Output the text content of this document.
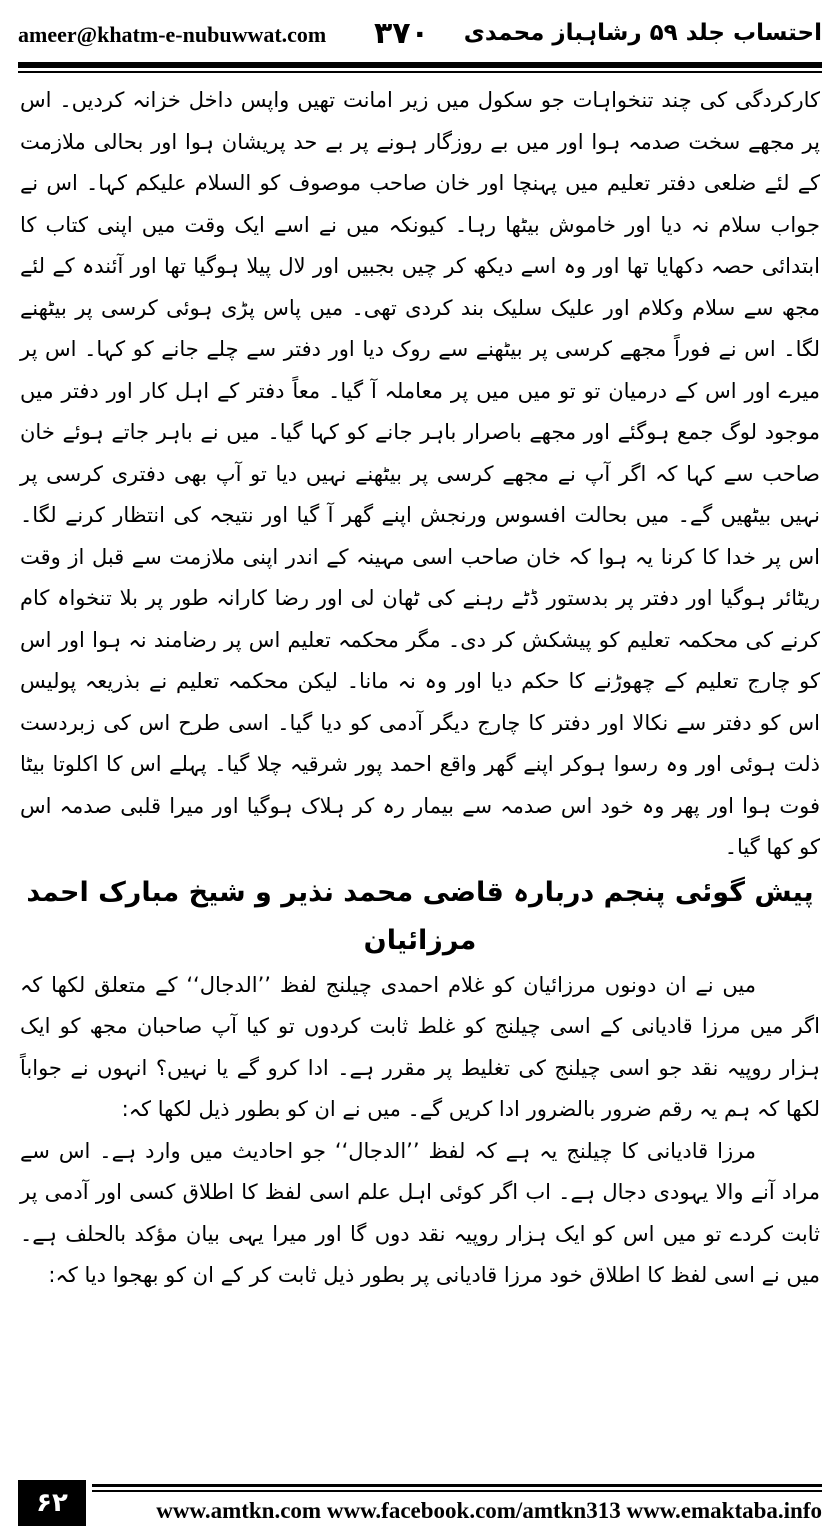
ameer@khatm-e-nubuwwat.com ۳۷۰ احتساب جلد ۵۹ رشاہباز محمدی

کارکردگی کی چند تنخواہات جو سکول میں زیر امانت تھیں واپس داخل خزانہ کردیں۔ اس پر مجھے سخت صدمہ ہوا اور میں بے روزگار ہونے پر بے حد پریشان ہوا اور بحالی ملازمت کے لئے ضلعی دفتر تعلیم میں پہنچا اور خان صاحب موصوف کو السلام علیکم کہا۔ اس نے جواب سلام نہ دیا اور خاموش بیٹھا رہا۔ کیونکہ میں نے اسے ایک وقت میں اپنی کتاب کا ابتدائی حصہ دکھایا تھا اور وہ اسے دیکھ کر چیں بجبیں اور لال پیلا ہوگیا تھا اور آئندہ کے لئے مجھ سے سلام وکلام اور علیک سلیک بند کردی تھی۔ میں پاس پڑی ہوئی کرسی پر بیٹھنے لگا۔ اس نے فوراً مجھے کرسی پر بیٹھنے سے روک دیا اور دفتر سے چلے جانے کو کہا۔ اس پر میرے اور اس کے درمیان تو تو میں میں پر معاملہ آ گیا۔ معاً دفتر کے اہل کار اور دفتر میں موجود لوگ جمع ہوگئے اور مجھے باصرار باہر جانے کو کہا گیا۔ میں نے باہر جاتے ہوئے خان صاحب سے کہا کہ اگر آپ نے مجھے کرسی پر بیٹھنے نہیں دیا تو آپ بھی دفتری کرسی پر نہیں بیٹھیں گے۔ میں بحالت افسوس ورنجش اپنے گھر آ گیا اور نتیجہ کی انتظار کرنے لگا۔ اس پر خدا کا کرنا یہ ہوا کہ خان صاحب اسی مہینہ کے اندر اپنی ملازمت سے قبل از وقت ریٹائر ہوگیا اور دفتر پر بدستور ڈٹے رہنے کی ٹھان لی اور رضا کارانہ طور پر بلا تنخواہ کام کرنے کی محکمہ تعلیم کو پیشکش کر دی۔ مگر محکمہ تعلیم اس پر رضامند نہ ہوا اور اس کو چارج تعلیم کے چھوڑنے کا حکم دیا اور وہ نہ مانا۔ لیکن محکمہ تعلیم نے بذریعہ پولیس اس کو دفتر سے نکالا اور دفتر کا چارج دیگر آدمی کو دیا گیا۔ اسی طرح اس کی زبردست ذلت ہوئی اور وہ رسوا ہوکر اپنے گھر واقع احمد پور شرقیہ چلا گیا۔ پہلے اس کا اکلوتا بیٹا فوت ہوا اور پھر وہ خود اس صدمہ سے بیمار رہ کر ہلاک ہوگیا اور میرا قلبی صدمہ اس کو کھا گیا۔

پیش گوئی پنجم دربارہ قاضی محمد نذیر و شیخ مبارک احمد مرزائیان

میں نے ان دونوں مرزائیان کو غلام احمدی چیلنج لفظ ’’الدجال‘‘ کے متعلق لکھا کہ اگر میں مرزا قادیانی کے اسی چیلنج کو غلط ثابت کردوں تو کیا آپ صاحبان مجھ کو ایک ہزار روپیہ نقد جو اسی چیلنج کی تغلیط پر مقرر ہے۔ ادا کرو گے یا نہیں؟ انہوں نے جواباً لکھا کہ ہم یہ رقم ضرور بالضرور ادا کریں گے۔ میں نے ان کو بطور ذیل لکھا کہ:

مرزا قادیانی کا چیلنج یہ ہے کہ لفظ ’’الدجال‘‘ جو احادیث میں وارد ہے۔ اس سے مراد آنے والا یہودی دجال ہے۔ اب اگر کوئی اہل علم اسی لفظ کا اطلاق کسی اور آدمی پر ثابت کردے تو میں اس کو ایک ہزار روپیہ نقد دوں گا اور میرا یہی بیان مؤکد بالحلف ہے۔ میں نے اسی لفظ کا اطلاق خود مرزا قادیانی پر بطور ذیل ثابت کر کے ان کو بھجوا دیا کہ:

۶۲	www.amtkn.com www.facebook.com/amtkn313 www.emaktaba.info
